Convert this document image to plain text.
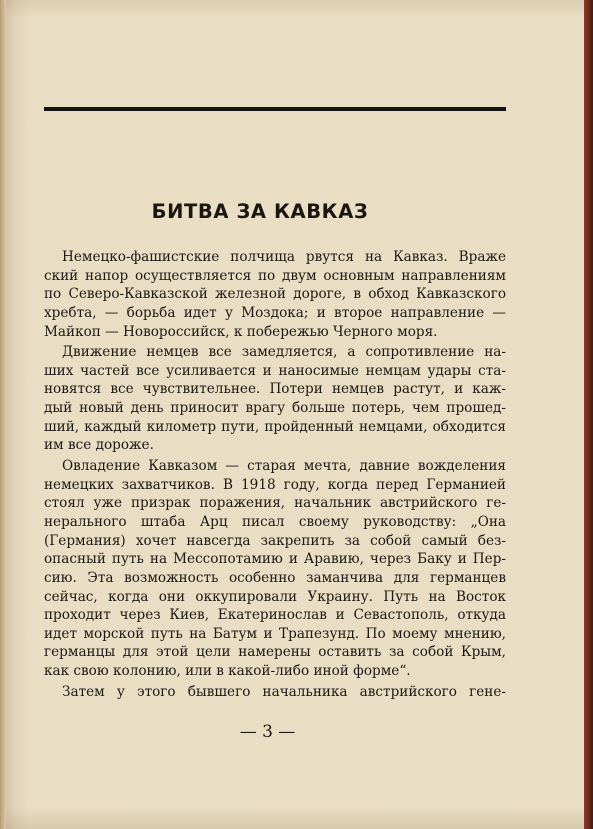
БИТВА ЗА КАВКАЗ

Немецко-фашистские полчища рвутся на Кавказ. Враже
ский напор осуществляется по двум основным направлениям
по Северо-Кавказской железной дороге, в обход Кавказского
хребта, — борьба идет у Моздока; и второе направление —
Майкоп — Новороссийск, к побережью Черного моря.

Движение немцев все замедляется, а сопротивление на-
ших частей все усиливается и наносимые немцам удары ста-
новятся все чувствительнее. Потери немцев растут, и каж-
дый новый день приносит врагу больше потерь, чем прошед-
ший, каждый километр пути, пройденный немцами, обходится
им все дороже.

Овладение Кавказом — старая мечта, давние вожделения
немецких захватчиков. В 1918 году, когда перед Германией
стоял уже призрак поражения, начальник австрийского ге-
нерального штаба Арц писал своему руководству: „Она
(Германия) хочет навсегда закрепить за собой самый без-
опасный путь на Мессопотамию и Аравию, через Баку и Пер-
сию. Эта возможность особенно заманчива для германцев
сейчас, когда они оккупировали Украину. Путь на Восток
проходит через Киев, Екатеринослав и Севастополь, откуда
идет морской путь на Батум и Трапезунд. По моему мнению,
германцы для этой цели намерены оставить за собой Крым,
как свою колонию, или в какой-либо иной форме“.

Затем у этого бывшего начальника австрийского гене-

— 3 —
